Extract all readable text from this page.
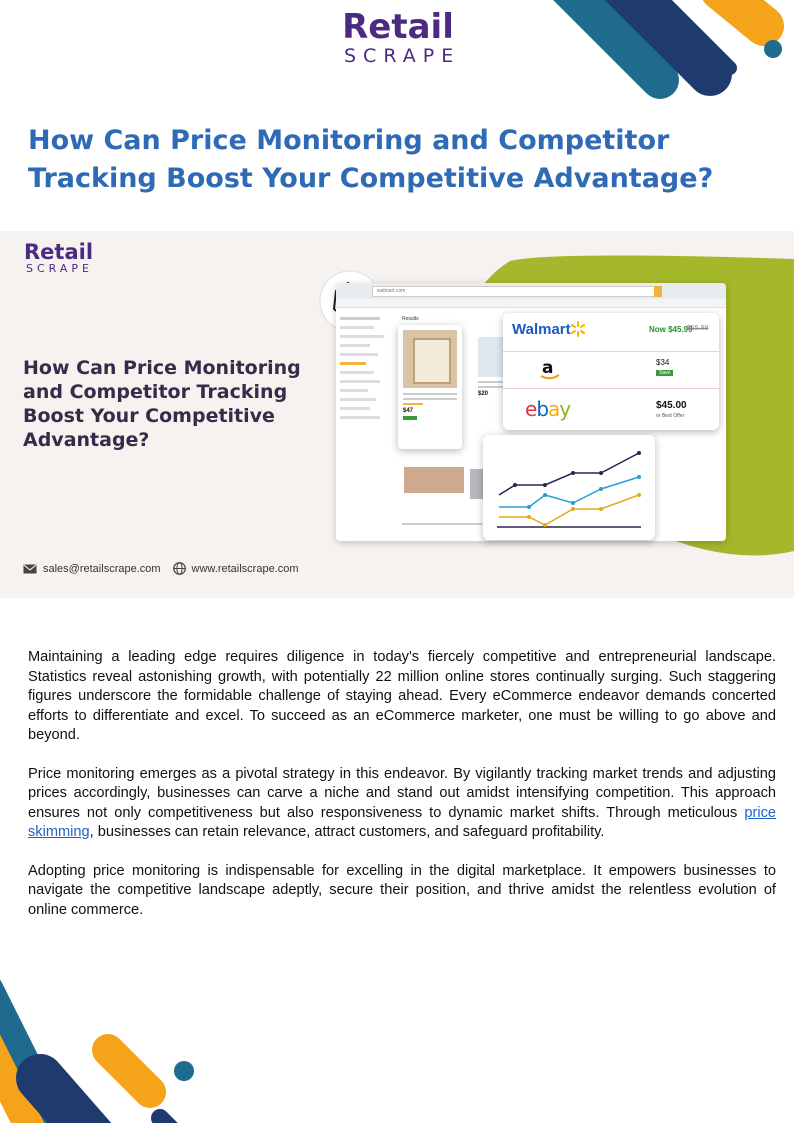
Retail
SCRAPE
How Can Price Monitoring and Competitor Tracking Boost Your Competitive Advantage?
Retail
SCRAPE
How Can Price Monitoring and Competitor Tracking Boost Your Competitive Advantage?
sales@retailscrape.com	www.retailscrape.com
walmart.com
Results
$47
$20
Walmart	Now $45.99
$55.99
a	$34
Save
ebay	$45.00
or Best Offer

Maintaining a leading edge requires diligence in today's fiercely competitive and entrepreneurial landscape. Statistics reveal astonishing growth, with potentially 22 million online stores continually surging. Such staggering figures underscore the formidable challenge of staying ahead. Every eCommerce endeavor demands concerted efforts to differentiate and excel. To succeed as an eCommerce marketer, one must be willing to go above and beyond.

Price monitoring emerges as a pivotal strategy in this endeavor. By vigilantly tracking market trends and adjusting prices accordingly, businesses can carve a niche and stand out amidst intensifying competition. This approach ensures not only competitiveness but also responsiveness to dynamic market shifts. Through meticulous price skimming, businesses can retain relevance, attract customers, and safeguard profitability.

Adopting price monitoring is indispensable for excelling in the digital marketplace. It empowers businesses to navigate the competitive landscape adeptly, secure their position, and thrive amidst the relentless evolution of online commerce.
